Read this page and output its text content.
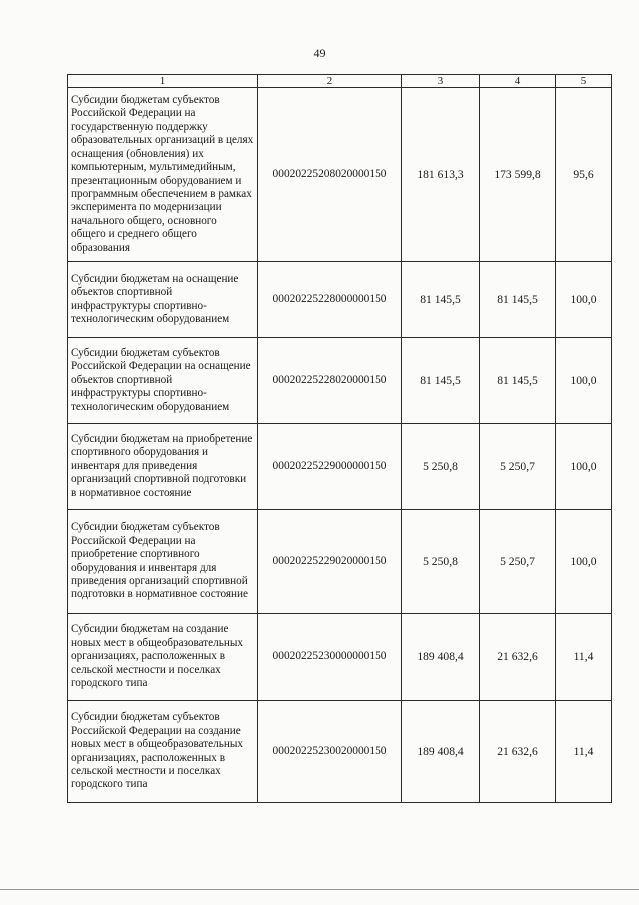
49
1	2	3	4	5
Субсидии бюджетам субъектов Российской Федерации на государственную поддержку образовательных организаций в целях оснащения (обновления) их компьютерным, мультимедийным, презентационным оборудованием и программным обеспечением в рамках эксперимента по модернизации начального общего, основного общего и среднего общего образования	00020225208020000150	181 613,3	173 599,8	95,6
Субсидии бюджетам на оснащение объектов спортивной инфраструктуры спортивно-технологическим оборудованием	00020225228000000150	81 145,5	81 145,5	100,0
Субсидии бюджетам субъектов Российской Федерации на оснащение объектов спортивной инфраструктуры спортивно-технологическим оборудованием	00020225228020000150	81 145,5	81 145,5	100,0
Субсидии бюджетам на приобретение спортивного оборудования и инвентаря для приведения организаций спортивной подготовки в нормативное состояние	00020225229000000150	5 250,8	5 250,7	100,0
Субсидии бюджетам субъектов Российской Федерации на приобретение спортивного оборудования и инвентаря для приведения организаций спортивной подготовки в нормативное состояние	00020225229020000150	5 250,8	5 250,7	100,0
Субсидии бюджетам на создание новых мест в общеобразовательных организациях, расположенных в сельской местности и поселках городского типа	00020225230000000150	189 408,4	21 632,6	11,4
Субсидии бюджетам субъектов Российской Федерации на создание новых мест в общеобразовательных организациях, расположенных в сельской местности и поселках городского типа	00020225230020000150	189 408,4	21 632,6	11,4
